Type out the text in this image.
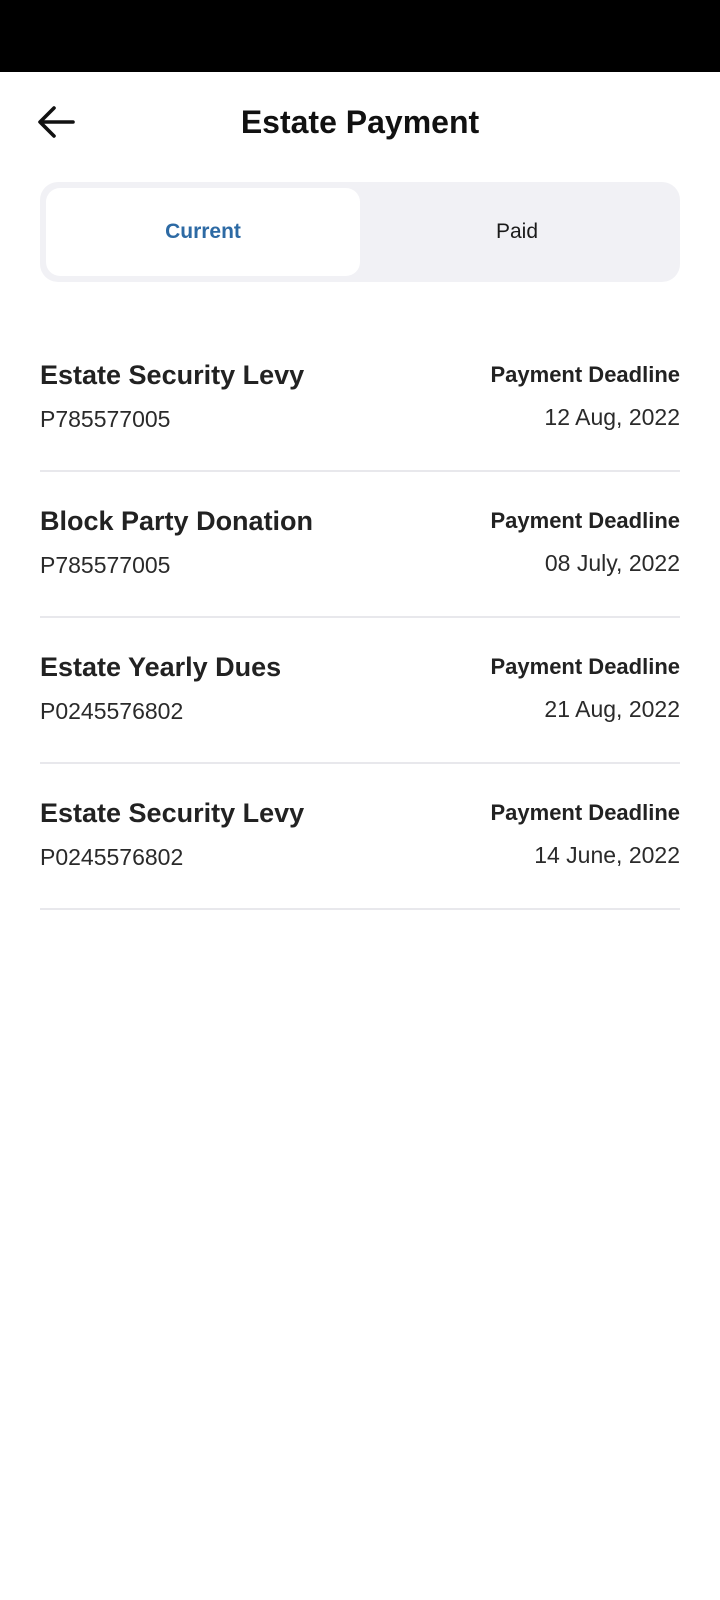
Estate Payment
Current	Paid
Estate Security Levy
P785577005
Payment Deadline
12 Aug, 2022
Block Party Donation
P785577005
Payment Deadline
08 July, 2022
Estate Yearly Dues
P0245576802
Payment Deadline
21 Aug, 2022
Estate Security Levy
P0245576802
Payment Deadline
14 June, 2022
